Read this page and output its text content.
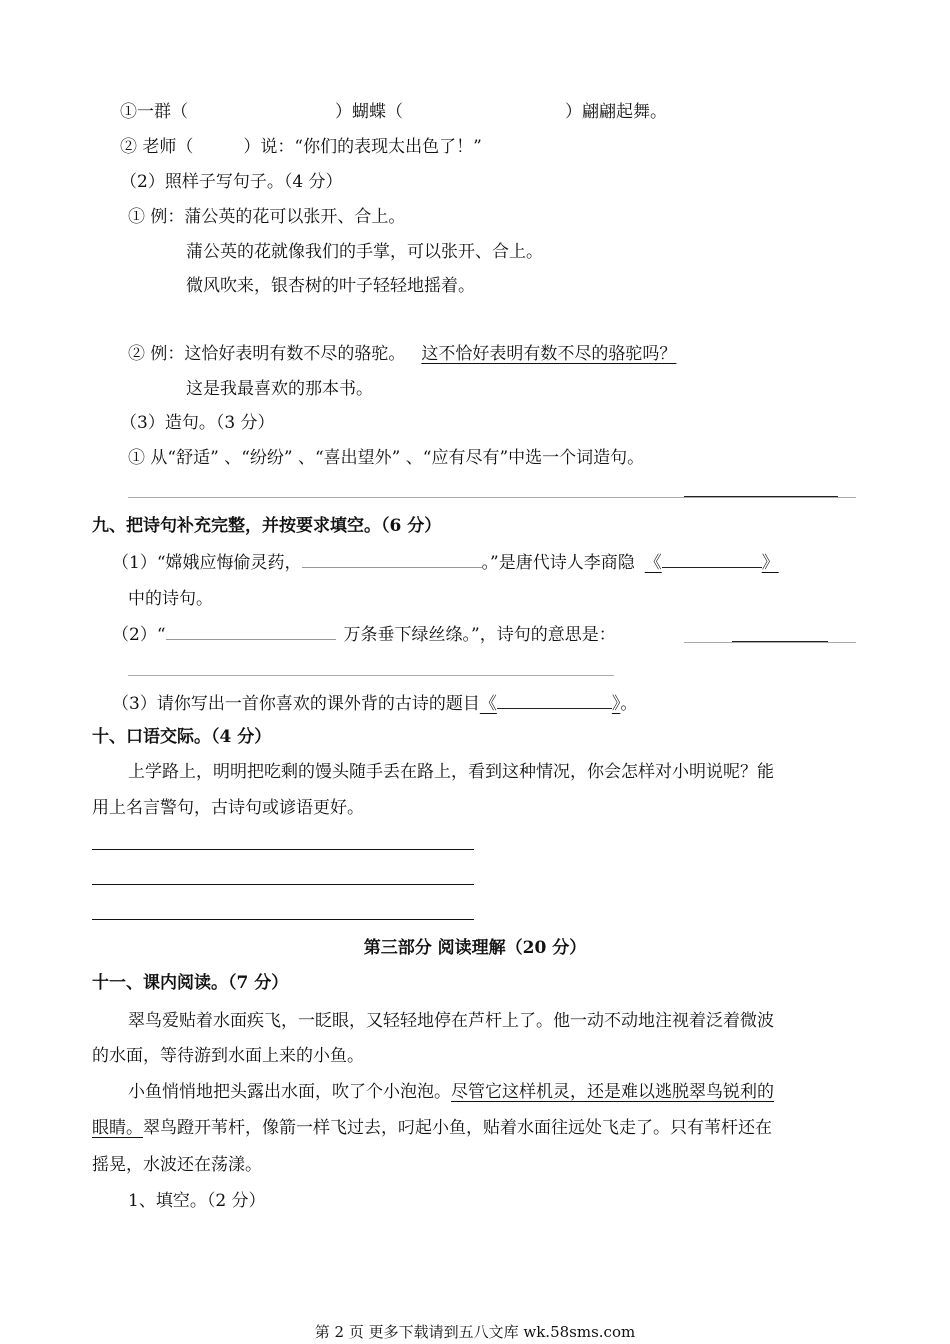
①一群（	）蝴蝶（	）翩翩起舞。
② 老师（	）说：“你们的表现太出色了！”
（2）照样子写句子。（4 分）
① 例：蒲公英的花可以张开、合上。
蒲公英的花就像我们的手掌，可以张开、合上。
微风吹来，银杏树的叶子轻轻地摇着。
② 例：这恰好表明有数不尽的骆驼。 这不恰好表明有数不尽的骆驼吗？
这是我最喜欢的那本书。
（3）造句。（3 分）
① 从“舒适” 、“纷纷” 、“喜出望外” 、“应有尽有”中选一个词造句。
九、把诗句补充完整，并按要求填空。（6 分）
（1）“嫦娥应悔偷灵药，	。”是唐代诗人李商隐 《	》
中的诗句。
（2）“	万条垂下绿丝绦。”，诗句的意思是：
（3）请你写出一首你喜欢的课外背的古诗的题目《	》。
十、口语交际。（4 分）
上学路上，明明把吃剩的馒头随手丢在路上，看到这种情况，你会怎样对小明说呢？能
用上名言警句，古诗句或谚语更好。
第三部分 阅读理解（20 分）
十一、课内阅读。（7 分）
翠鸟爱贴着水面疾飞，一眨眼，又轻轻地停在芦杆上了。他一动不动地注视着泛着微波
的水面，等待游到水面上来的小鱼。
小鱼悄悄地把头露出水面，吹了个小泡泡。尽管它这样机灵，还是难以逃脱翠鸟锐利的
眼睛。翠鸟蹬开苇杆，像箭一样飞过去，叼起小鱼，贴着水面往远处飞走了。只有苇杆还在
摇晃，水波还在荡漾。
1、填空。（2 分）
第 2 页 更多下载请到五八文库 wk.58sms.com
